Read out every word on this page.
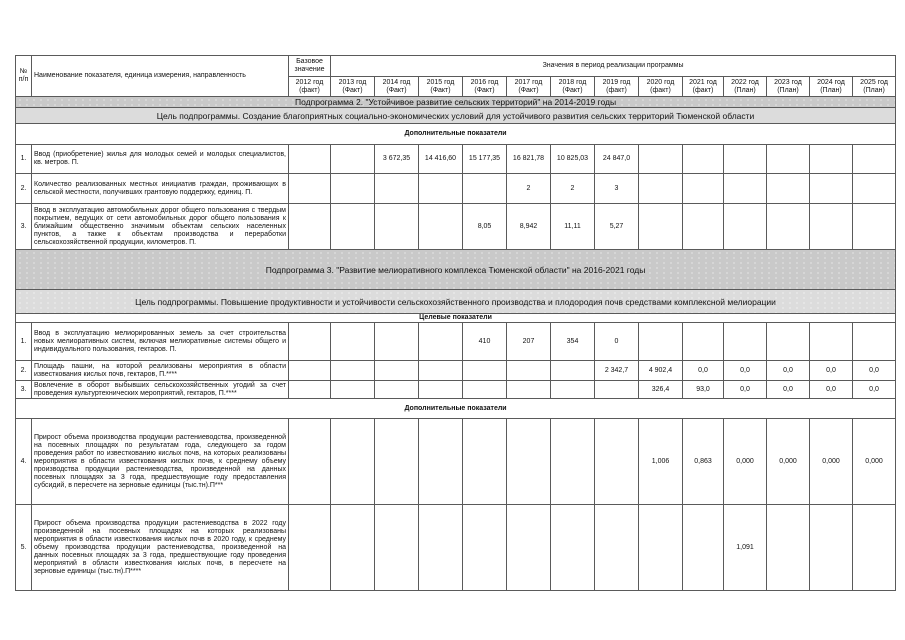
№ п/п	Наименование показателя, единица измерения, направленность	Базовое значение	Значения в период реализации программы												
		2012 год (факт)	2013 год (Факт)	2014 год (Факт)	2015 год (Факт)	2016 год (Факт)	2017 год (Факт)	2018 год (Факт)	2019 год (факт)	2020 год (факт)	2021 год (факт)	2022 год (План)	2023 год (План)	2024 год (План)	2025 год (План)
Подпрограмма 2. "Устойчивое развитие сельских территорий" на 2014-2019 годы															
Цель подпрограммы. Создание благоприятных социально-экономических условий для устойчивого развития сельских территорий Тюменской области															
Дополнительные показатели															
1.	Ввод (приобретение) жилья для молодых семей и молодых специалистов, кв. метров. П.			3 672,35	14 416,60	15 177,35	16 821,78	10 825,03	24 847,0						
2.	Количество реализованных местных инициатив граждан, проживающих в сельской местности, получивших грантовую поддержку, единиц. П.						2	2	3						
3.	Ввод в эксплуатацию автомобильных дорог общего пользования с твердым покрытием, ведущих от сети автомобильных дорог общего пользования к ближайшим общественно значимым объектам сельских населенных пунктов, а также к объектам производства и переработки сельскохозяйственной продукции, километров. П.					8,05	8,942	11,11	5,27						
Подпрограмма 3. "Развитие мелиоративного комплекса Тюменской области" на 2016-2021 годы															
Цель подпрограммы. Повышение продуктивности и устойчивости сельскохозяйственного производства и плодородия почв средствами комплексной мелиорации															
Целевые показатели															
1.	Ввод в эксплуатацию мелиорированных земель за счет строительства новых мелиоративных систем, включая мелиоративные системы общего и индивидуального пользования, гектаров. П.					410	207	354	0						
2.	Площадь пашни, на которой реализованы мероприятия в области известкования кислых почв, гектаров, П.****								2 342,7	4 902,4	0,0	0,0	0,0	0,0	0,0
3.	Вовлечение в оборот выбывших сельскохозяйственных угодий за счет проведения культуртехнических мероприятий, гектаров, П.****									326,4	93,0	0,0	0,0	0,0	0,0
Дополнительные показатели															
4.	Прирост объема производства продукции растениеводства, произведенной на посевных площадях по результатам года, следующего за годом проведения работ по известкованию кислых почв, на которых реализованы мероприятия в области известкования кислых почв, к среднему объему производства продукции растениеводства, произведенной на данных посевных площадях за 3 года, предшествующие году предоставления субсидий, в пересчете на зерновые единицы (тыс.тн).П***									1,006	0,863	0,000	0,000	0,000	0,000
5.	Прирост объема производства продукции растениеводства в 2022 году произведенной на посевных площадях на которых реализованы мероприятия в области известкования кислых почв в 2020 году, к среднему объему производства продукции растениеводства, произведенной на данных посевных площадях за 3 года, предшествующие году проведения мероприятий в области известкования кислых почв, в пересчете на зерновые единицы (тыс.тн).П****											1,091			
